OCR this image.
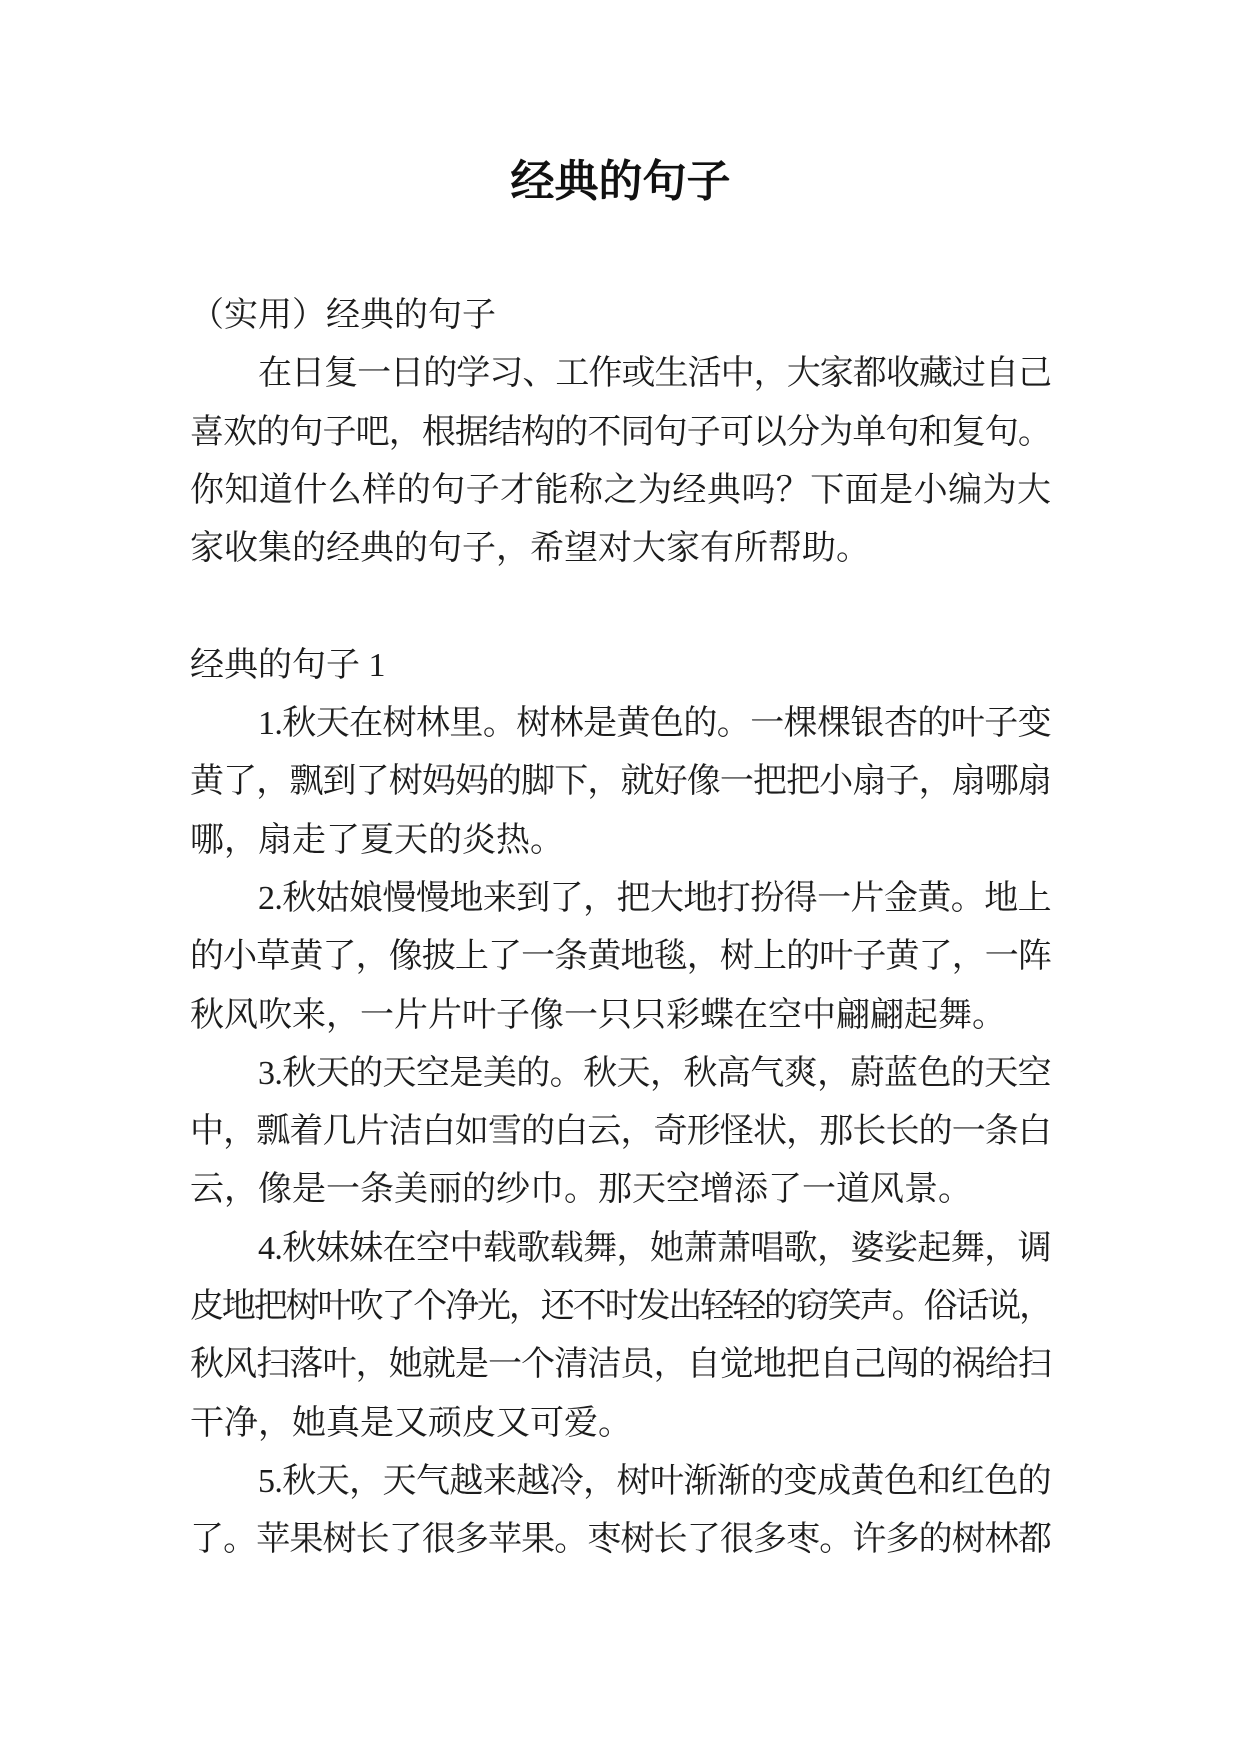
经典的句子
（实用）经典的句子
在日复一日的学习、工作或生活中，大家都收藏过自己
喜欢的句子吧，根据结构的不同句子可以分为单句和复句。
你知道什么样的句子才能称之为经典吗？下面是小编为大
家收集的经典的句子，希望对大家有所帮助。
经典的句子 1
1.秋天在树林里。树林是黄色的。一棵棵银杏的叶子变
黄了，飘到了树妈妈的脚下，就好像一把把小扇子，扇哪扇
哪，扇走了夏天的炎热。
2.秋姑娘慢慢地来到了，把大地打扮得一片金黄。地上
的小草黄了，像披上了一条黄地毯，树上的叶子黄了，一阵
秋风吹来，一片片叶子像一只只彩蝶在空中翩翩起舞。
3.秋天的天空是美的。秋天，秋高气爽，蔚蓝色的天空
中，瓢着几片洁白如雪的白云，奇形怪状，那长长的一条白
云，像是一条美丽的纱巾。那天空增添了一道风景。
4.秋妹妹在空中载歌载舞，她萧萧唱歌，婆娑起舞，调
皮地把树叶吹了个净光，还不时发出轻轻的窃笑声。俗话说，
秋风扫落叶，她就是一个清洁员，自觉地把自己闯的祸给扫
干净，她真是又顽皮又可爱。
5.秋天，天气越来越冷，树叶渐渐的变成黄色和红色的
了。苹果树长了很多苹果。枣树长了很多枣。许多的树林都
